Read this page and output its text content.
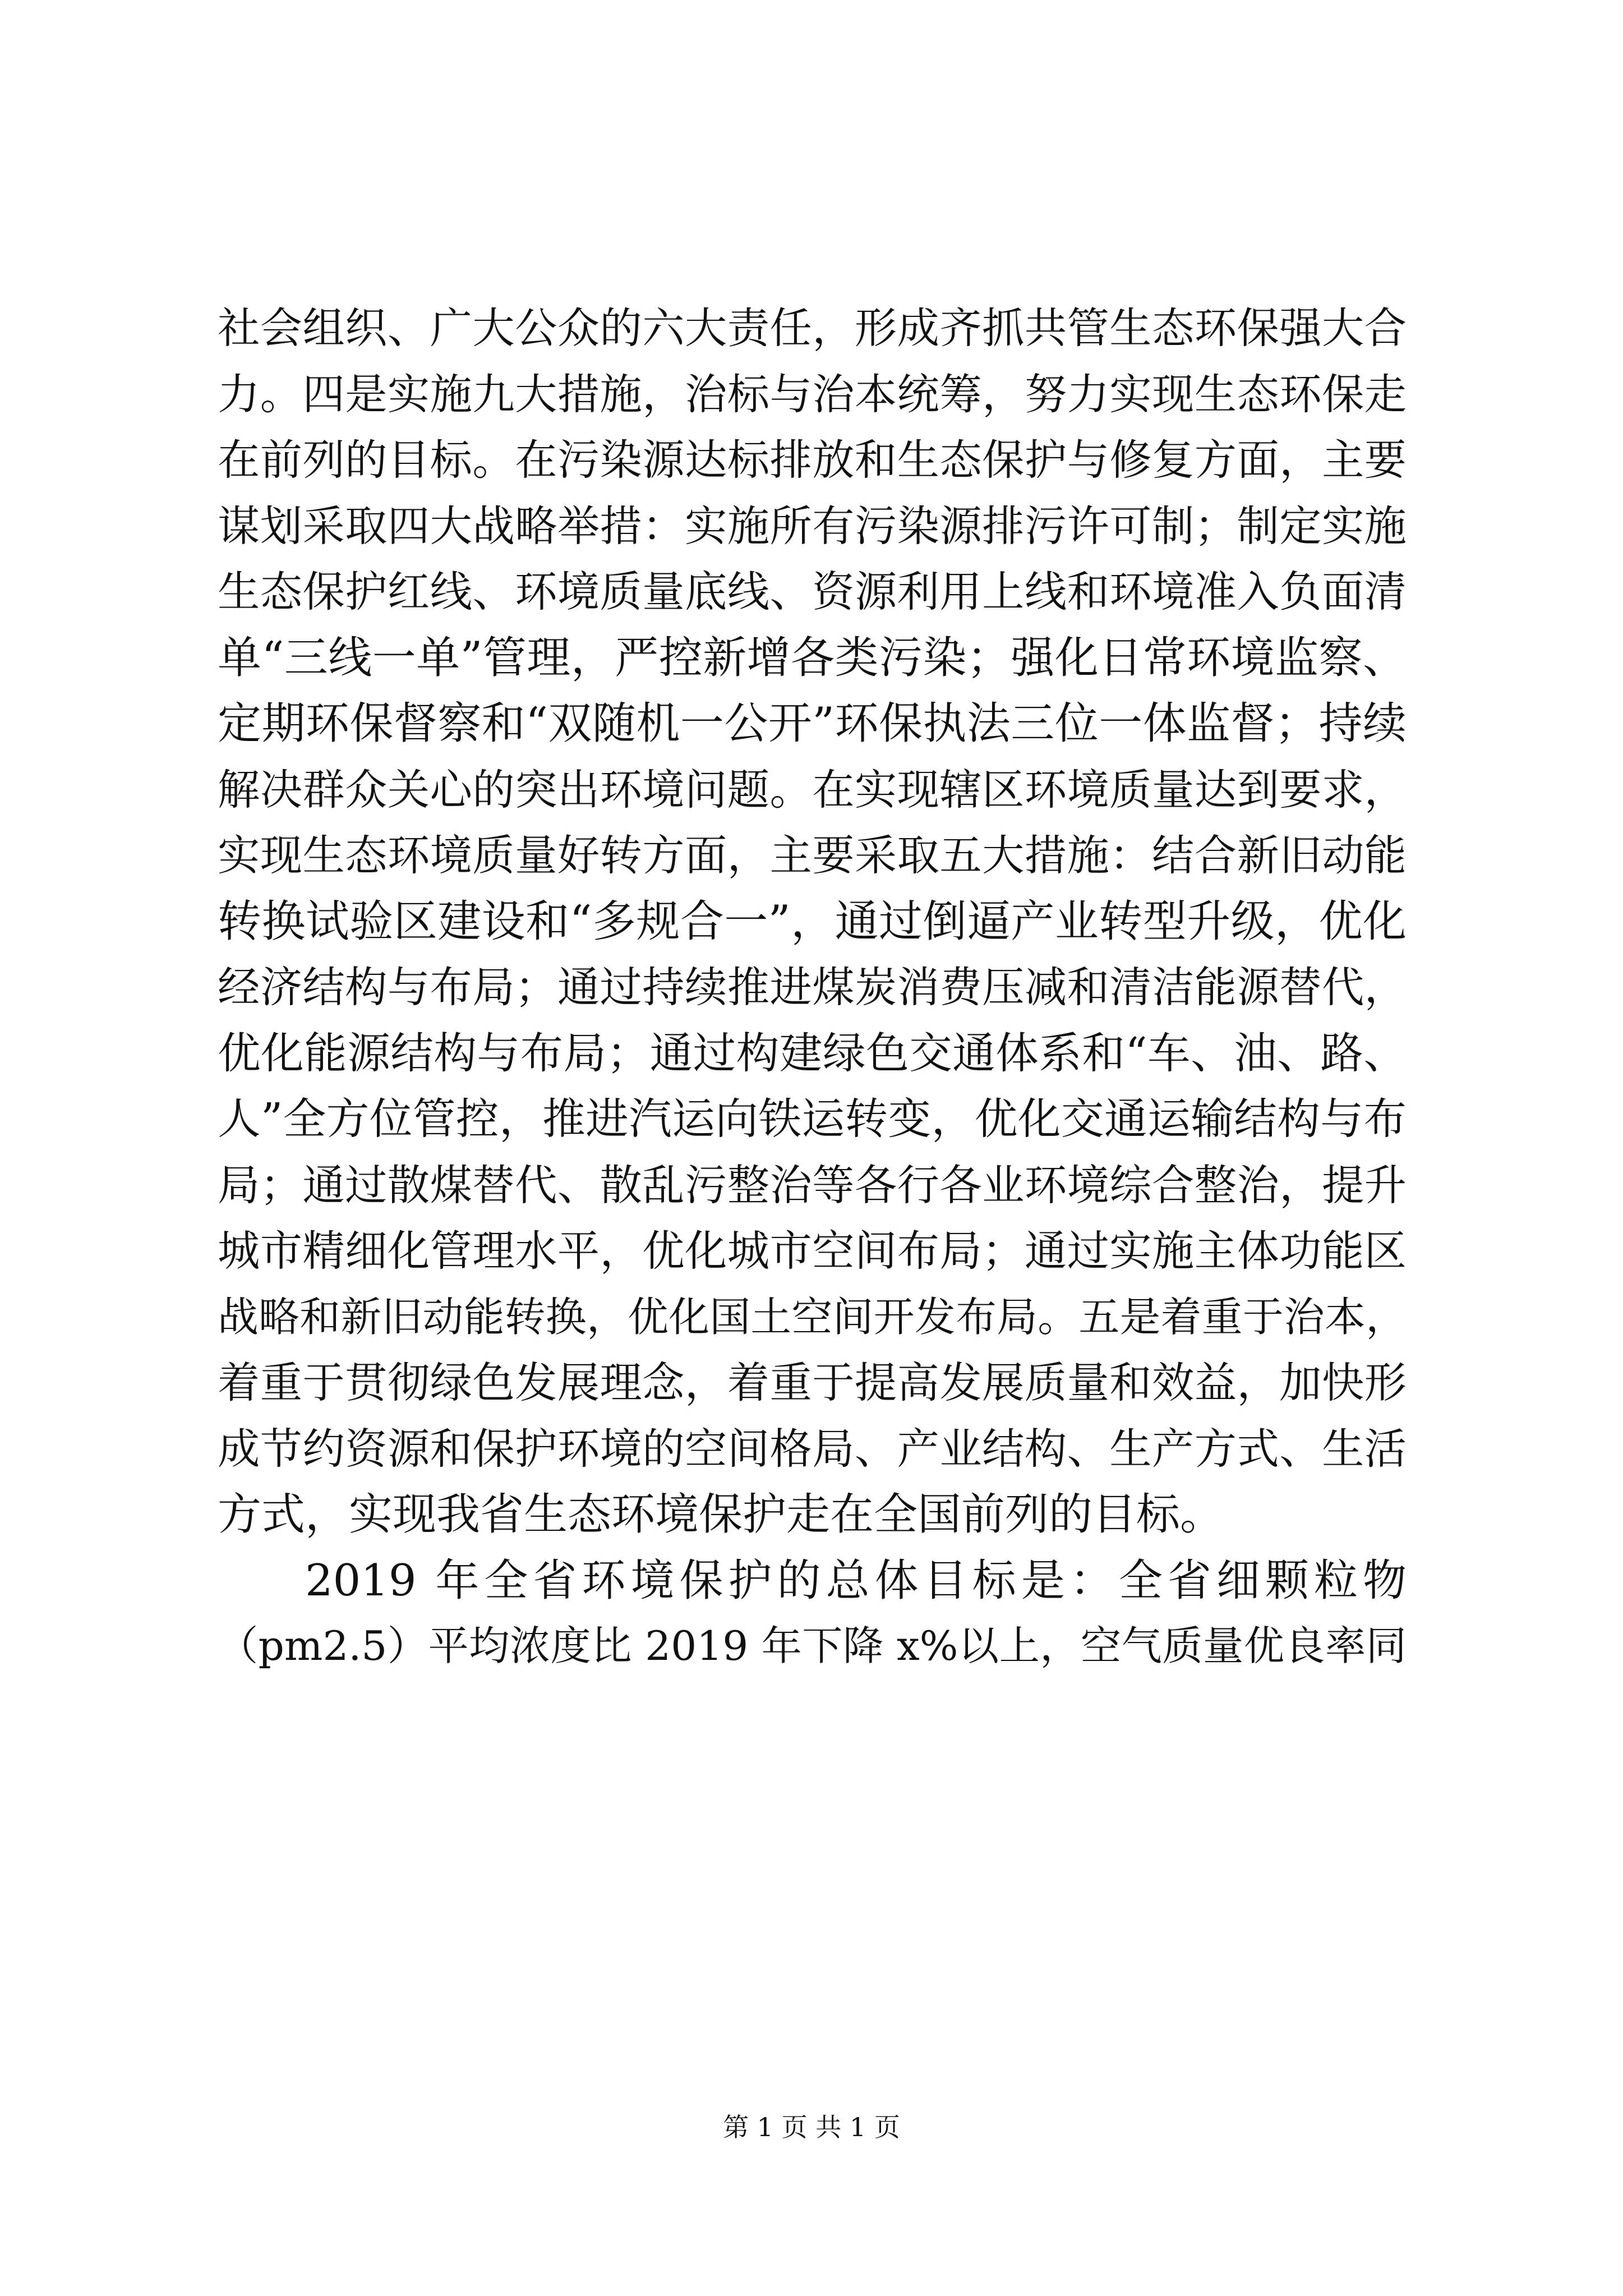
社会组织、广大公众的六大责任，形成齐抓共管生态环保强大合
力。四是实施九大措施，治标与治本统筹，努力实现生态环保走
在前列的目标。在污染源达标排放和生态保护与修复方面，主要
谋划采取四大战略举措：实施所有污染源排污许可制；制定实施
生态保护红线、环境质量底线、资源利用上线和环境准入负面清
单“三线一单”管理，严控新增各类污染；强化日常环境监察、
定期环保督察和“双随机一公开”环保执法三位一体监督；持续
解决群众关心的突出环境问题。在实现辖区环境质量达到要求，
实现生态环境质量好转方面，主要采取五大措施：结合新旧动能
转换试验区建设和“多规合一”，通过倒逼产业转型升级，优化
经济结构与布局；通过持续推进煤炭消费压减和清洁能源替代，
优化能源结构与布局；通过构建绿色交通体系和“车、油、路、
人”全方位管控，推进汽运向铁运转变，优化交通运输结构与布
局；通过散煤替代、散乱污整治等各行各业环境综合整治，提升
城市精细化管理水平，优化城市空间布局；通过实施主体功能区
战略和新旧动能转换，优化国土空间开发布局。五是着重于治本，
着重于贯彻绿色发展理念，着重于提高发展质量和效益，加快形
成节约资源和保护环境的空间格局、产业结构、生产方式、生活
方式，实现我省生态环境保护走在全国前列的目标。
2019 年全省环境保护的总体目标是：全省细颗粒物
（pm2.5）平均浓度比 2019 年下降 x%以上，空气质量优良率同
第 1 页 共 1 页
